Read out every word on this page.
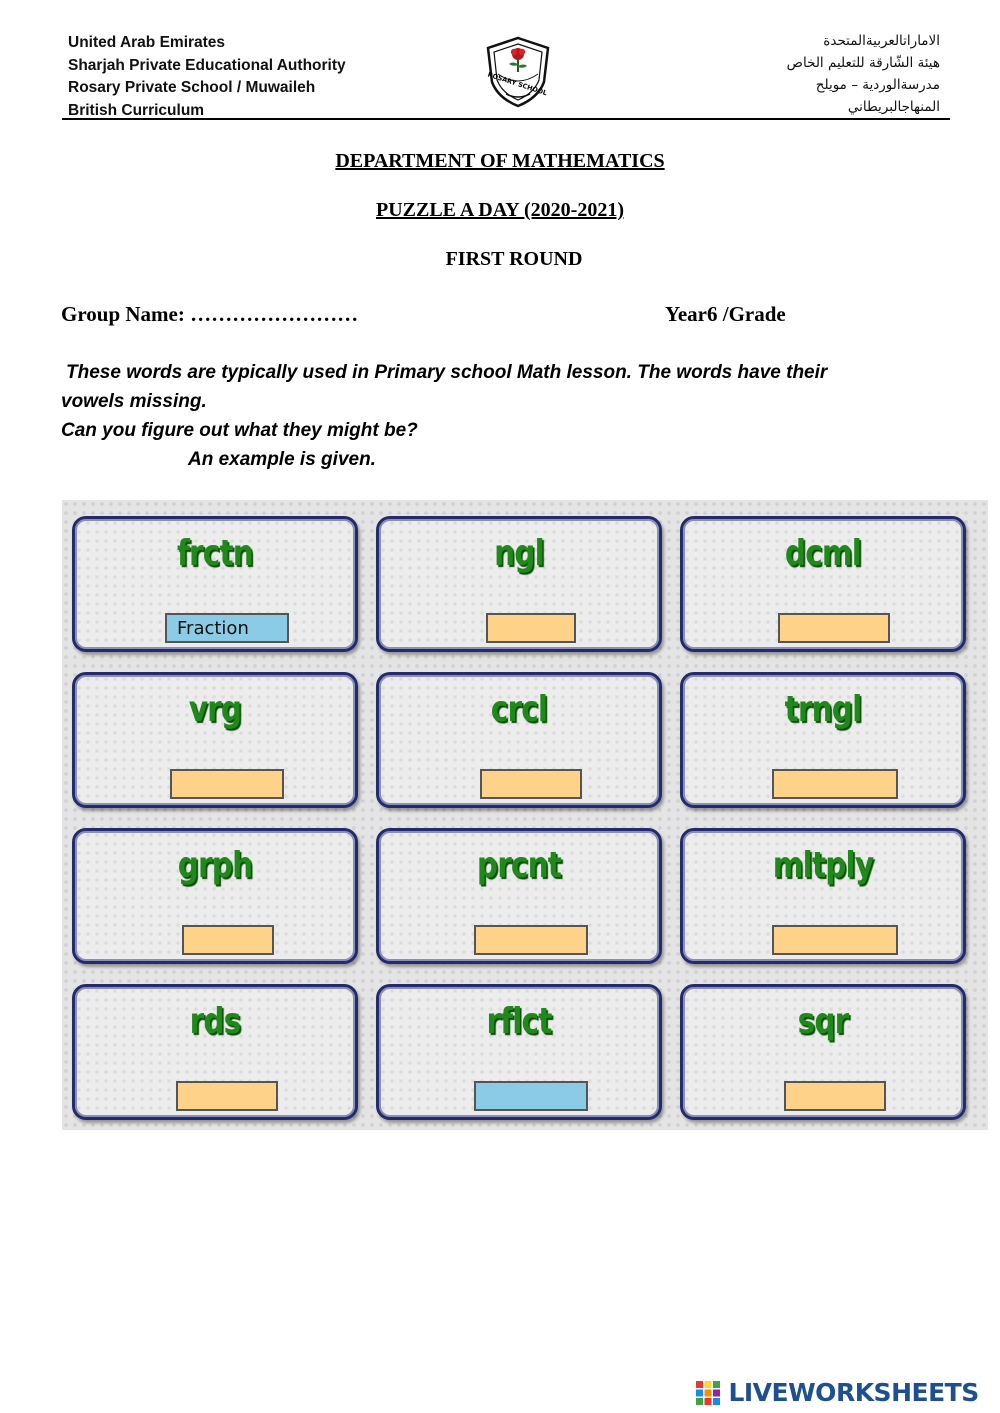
United Arab Emirates
Sharjah Private Educational Authority
Rosary Private School / Muwaileh
British Curriculum
ROSARY SCHOOL
الاماراتالعربيةالمتحدة
هيئة الشّارقة للتعليم الخاص
مدرسةالوردية – مويلح
المنهاجالبريطاني
DEPARTMENT OF MATHEMATICS
PUZZLE A DAY (2020-2021)
FIRST ROUND
Group Name: ……………………	Year6 /Grade
These words are typically used in Primary school Math lesson. The words have their
vowels missing.
Can you figure out what they might be?
An example is given.
frctn
Fraction	ngl	dcml
vrg	crcl	trngl
grph	prcnt	mltply
rds	rflct	sqr
LIVEWORKSHEETS
